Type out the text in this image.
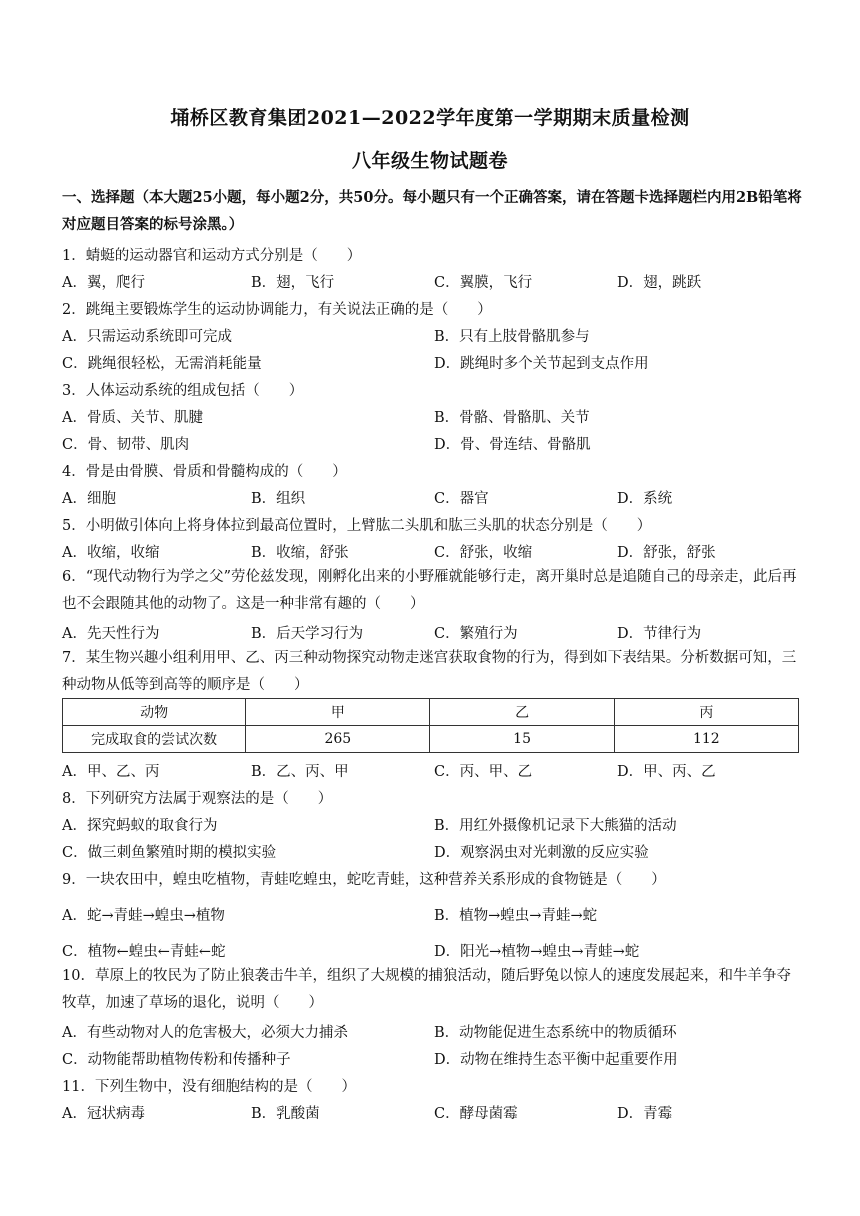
埇桥区教育集团2021—2022学年度第一学期期末质量检测
八年级生物试题卷
一、选择题（本大题25小题，每小题2分，共50分。每小题只有一个正确答案，请在答题卡选择题栏内用2B铅笔将对应题目答案的标号涂黑。）
1．蜻蜓的运动器官和运动方式分别是（　　）
A．翼，爬行	B．翅，飞行	C．翼膜，飞行	D．翅，跳跃
2．跳绳主要锻炼学生的运动协调能力，有关说法正确的是（　　）
A．只需运动系统即可完成	B．只有上肢骨骼肌参与
C．跳绳很轻松，无需消耗能量	D．跳绳时多个关节起到支点作用
3．人体运动系统的组成包括（　　）
A．骨质、关节、肌腱	B．骨骼、骨骼肌、关节
C．骨、韧带、肌肉	D．骨、骨连结、骨骼肌
4．骨是由骨膜、骨质和骨髓构成的（　　）
A．细胞	B．组织	C．器官	D．系统
5．小明做引体向上将身体拉到最高位置时，上臂肱二头肌和肱三头肌的状态分别是（　　）
A．收缩，收缩	B．收缩，舒张	C．舒张，收缩	D．舒张，舒张
6．“现代动物行为学之父”劳伦兹发现，刚孵化出来的小野雁就能够行走，离开巢时总是追随自己的母亲走，此后再也不会跟随其他的动物了。这是一种非常有趣的（　　）
A．先天性行为	B．后天学习行为	C．繁殖行为	D．节律行为
7．某生物兴趣小组利用甲、乙、丙三种动物探究动物走迷宫获取食物的行为，得到如下表结果。分析数据可知，三种动物从低等到高等的顺序是（　　）
动物	甲	乙	丙
完成取食的尝试次数	265	15	112
A．甲、乙、丙	B．乙、丙、甲	C．丙、甲、乙	D．甲、丙、乙
8．下列研究方法属于观察法的是（　　）
A．探究蚂蚁的取食行为	B．用红外摄像机记录下大熊猫的活动
C．做三刺鱼繁殖时期的模拟实验	D．观察涡虫对光刺激的反应实验
9．一块农田中，蝗虫吃植物，青蛙吃蝗虫，蛇吃青蛙，这种营养关系形成的食物链是（　　）
A．蛇→青蛙→蝗虫→植物	B．植物→蝗虫→青蛙→蛇
C．植物←蝗虫←青蛙←蛇	D．阳光→植物→蝗虫→青蛙→蛇
10．草原上的牧民为了防止狼袭击牛羊，组织了大规模的捕狼活动，随后野兔以惊人的速度发展起来，和牛羊争夺牧草，加速了草场的退化，说明（　　）
A．有些动物对人的危害极大，必须大力捕杀	B．动物能促进生态系统中的物质循环
C．动物能帮助植物传粉和传播种子	D．动物在维持生态平衡中起重要作用
11．下列生物中，没有细胞结构的是（　　）
A．冠状病毒	B．乳酸菌	C．酵母菌霉	D．青霉
